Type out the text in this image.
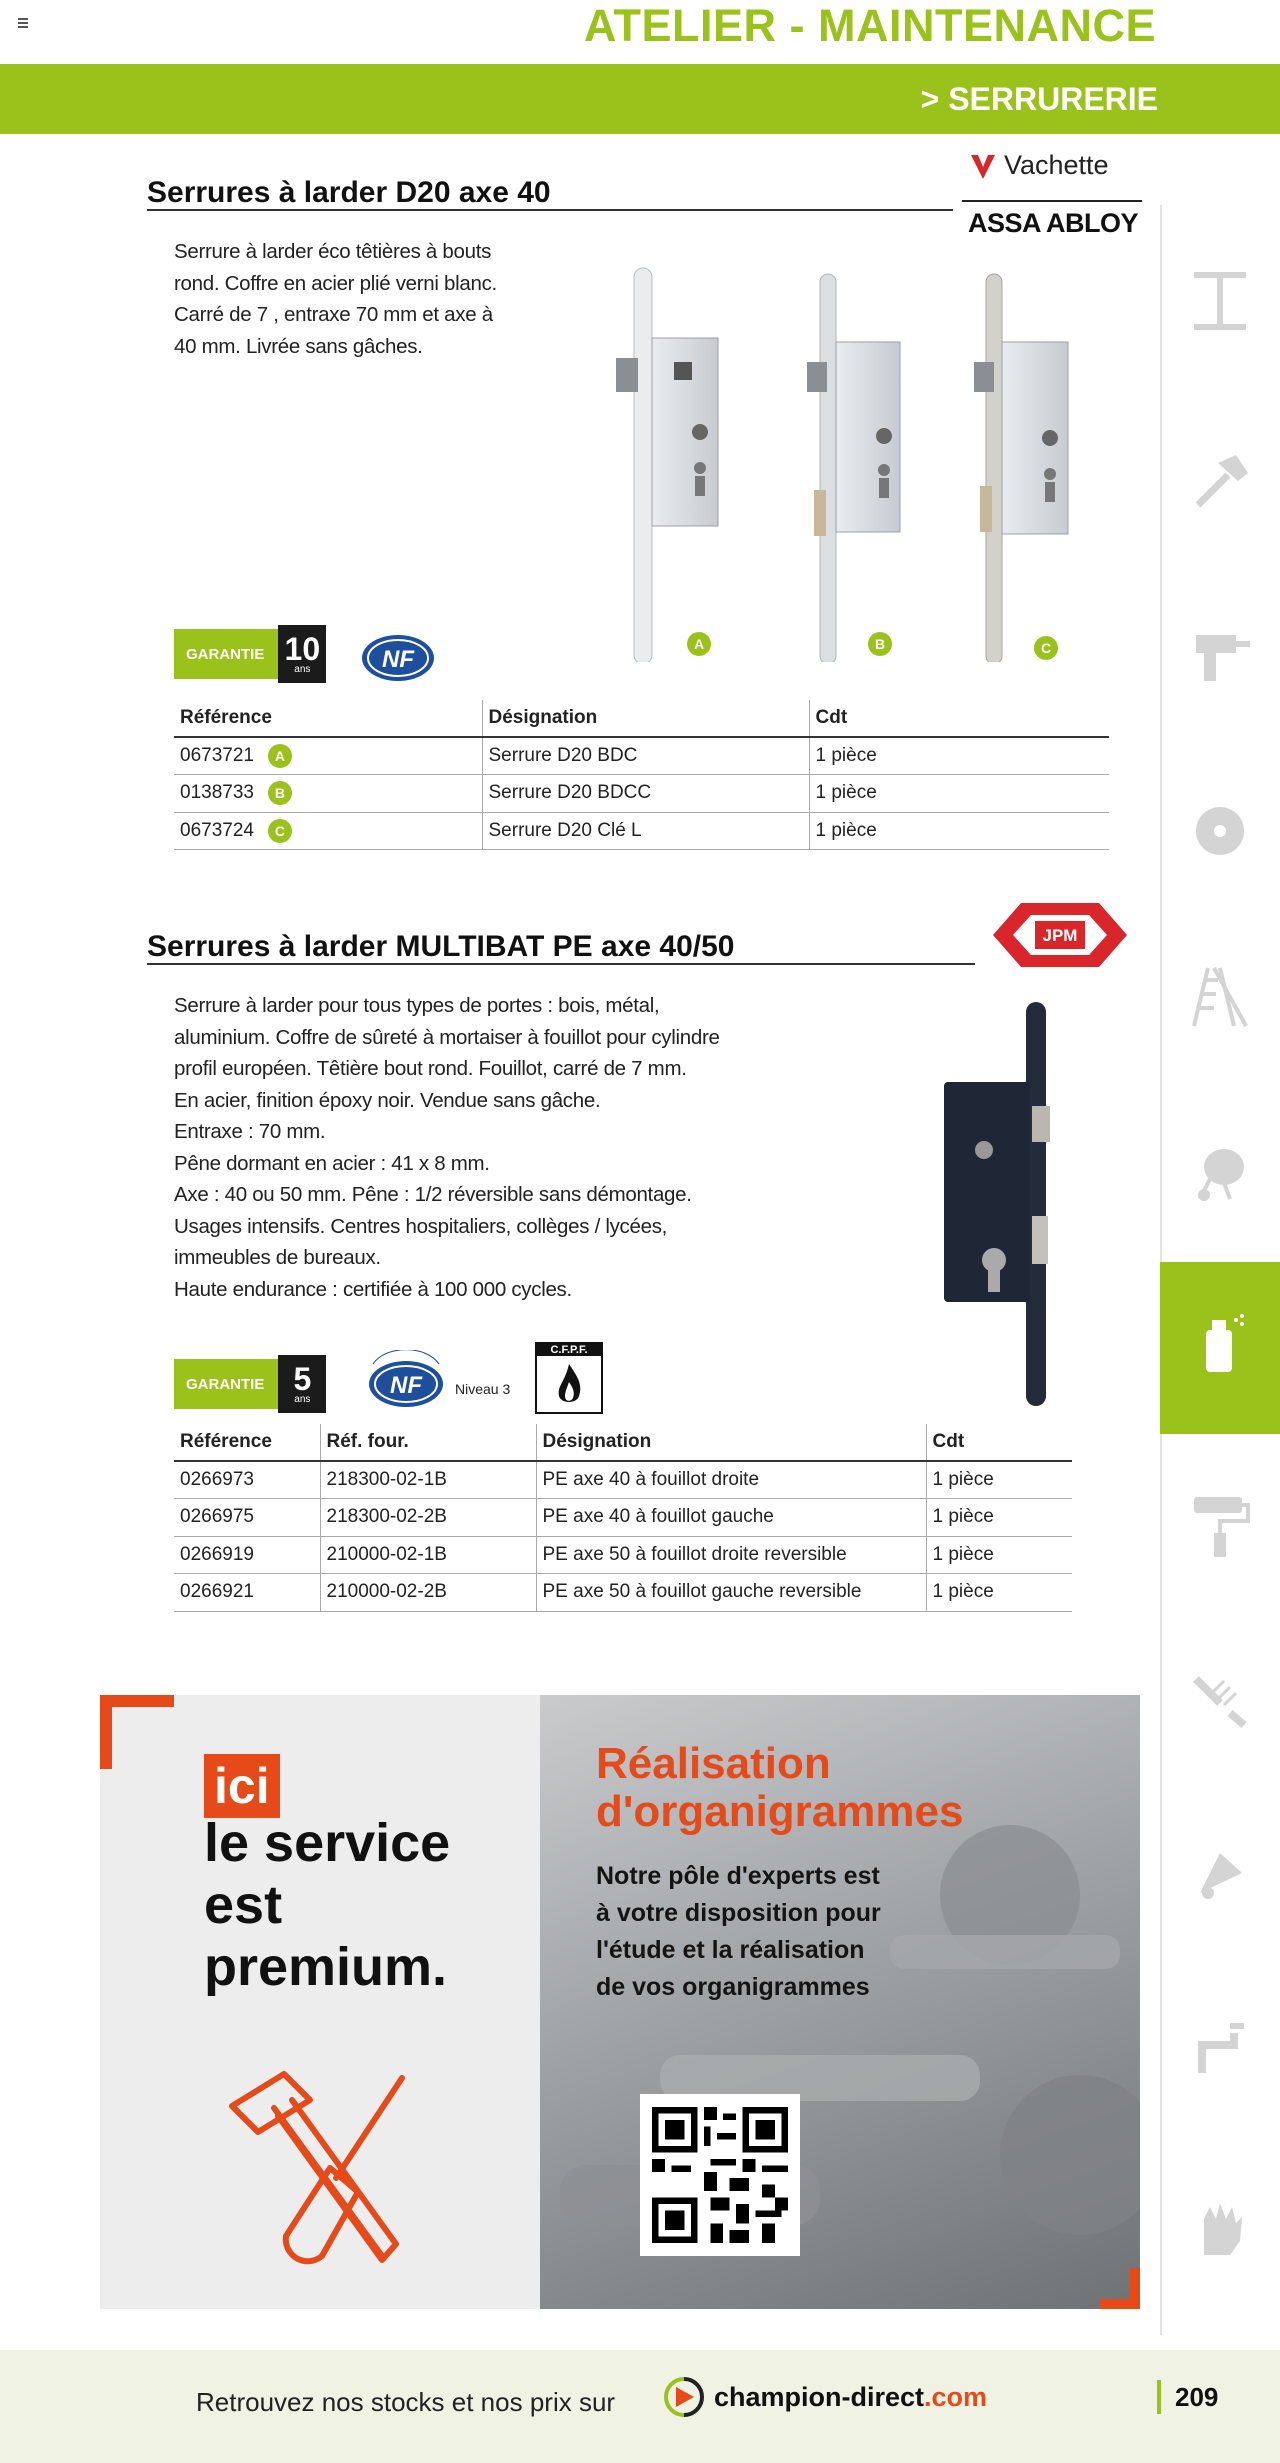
ATELIER - MAINTENANCE
> SERRURERIE
Vachette
ASSA ABLOY
Serrures à larder D20 axe 40
Serrure à larder éco têtières à bouts
rond. Coffre en acier plié verni blanc.
Carré de 7 , entraxe 70 mm et axe à
40 mm. Livrée sans gâches.
A	B	C
GARANTIE 10
ans	NF
Référence	Désignation	Cdt
0673721 A	Serrure D20 BDC	1 pièce
0138733 B	Serrure D20 BDCC	1 pièce
0673724 C	Serrure D20 Clé L	1 pièce
Serrures à larder MULTIBAT PE axe 40/50	JPM
Serrure à larder pour tous types de portes : bois, métal,
aluminium. Coffre de sûreté à mortaiser à fouillot pour cylindre
profil européen. Têtière bout rond. Fouillot, carré de 7 mm.
En acier, finition époxy noir. Vendue sans gâche.
Entraxe : 70 mm.
Pêne dormant en acier : 41 x 8 mm.
Axe : 40 ou 50 mm. Pêne : 1/2 réversible sans démontage.
Usages intensifs. Centres hospitaliers, collèges / lycées,
immeubles de bureaux.
Haute endurance : certifiée à 100 000 cycles.
GARANTIE 5
ans
NF Niveau 3
C.F.P.F.
Référence	Réf. four.	Désignation	Cdt
0266973	218300-02-1B	PE axe 40 à fouillot droite	1 pièce
0266975	218300-02-2B	PE axe 40 à fouillot gauche	1 pièce
0266919	210000-02-1B	PE axe 50 à fouillot droite reversible	1 pièce
0266921	210000-02-2B	PE axe 50 à fouillot gauche reversible	1 pièce
ici
le service
est
premium.
Réalisation
d'organigrammes
Notre pôle d'experts est
à votre disposition pour
l'étude et la réalisation
de vos organigrammes
Retrouvez nos stocks et nos prix sur	champion-direct .com	209
